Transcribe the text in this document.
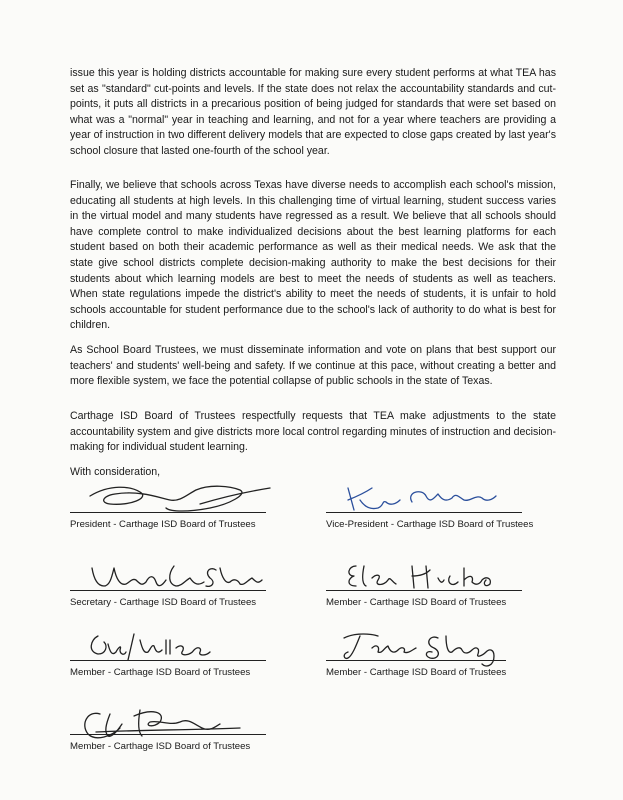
issue this year is holding districts accountable for making sure every student performs at what TEA has set as "standard" cut-points and levels. If the state does not relax the accountability standards and cut-points, it puts all districts in a precarious position of being judged for standards that were set based on what was a "normal" year in teaching and learning, and not for a year where teachers are providing a year of instruction in two different delivery models that are expected to close gaps created by last year's school closure that lasted one-fourth of the school year.

Finally, we believe that schools across Texas have diverse needs to accomplish each school's mission, educating all students at high levels. In this challenging time of virtual learning, student success varies in the virtual model and many students have regressed as a result. We believe that all schools should have complete control to make individualized decisions about the best learning platforms for each student based on both their academic performance as well as their medical needs. We ask that the state give school districts complete decision-making authority to make the best decisions for their students about which learning models are best to meet the needs of students as well as teachers. When state regulations impede the district's ability to meet the needs of students, it is unfair to hold schools accountable for student performance due to the school's lack of authority to do what is best for children.

As School Board Trustees, we must disseminate information and vote on plans that best support our teachers' and students' well-being and safety. If we continue at this pace, without creating a better and more flexible system, we face the potential collapse of public schools in the state of Texas.

Carthage ISD Board of Trustees respectfully requests that TEA make adjustments to the state accountability system and give districts more local control regarding minutes of instruction and decision-making for individual student learning.

With consideration,
President - Carthage ISD Board of Trustees	Vice-President - Carthage ISD Board of Trustees
Secretary - Carthage ISD Board of Trustees	Member - Carthage ISD Board of Trustees
Member - Carthage ISD Board of Trustees	Member - Carthage ISD Board of Trustees
Member - Carthage ISD Board of Trustees
